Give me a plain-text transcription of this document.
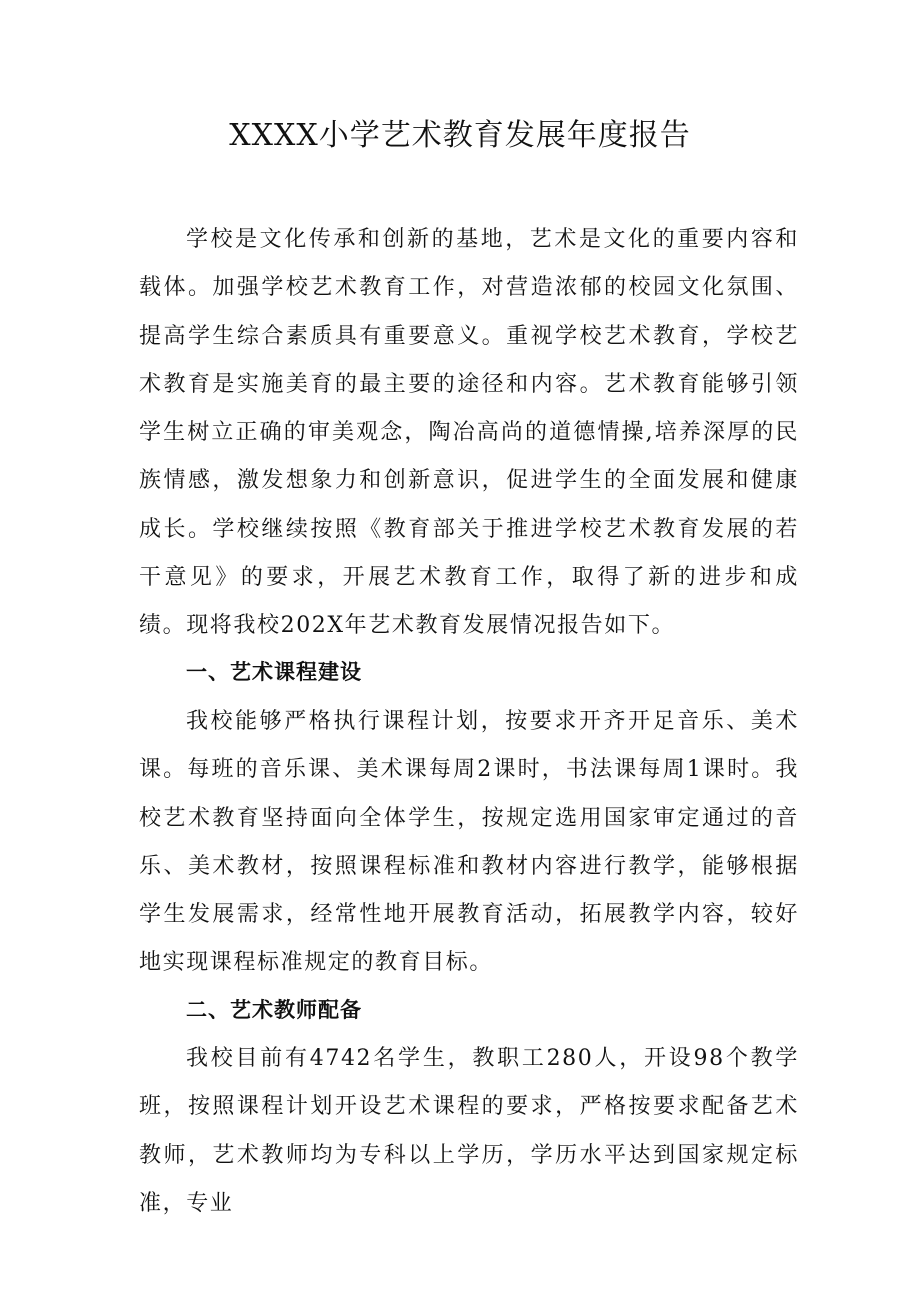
XXXX小学艺术教育发展年度报告

学校是文化传承和创新的基地，艺术是文化的重要内容和载体。加强学校艺术教育工作，对营造浓郁的校园文化氛围、提高学生综合素质具有重要意义。重视学校艺术教育，学校艺术教育是实施美育的最主要的途径和内容。艺术教育能够引领学生树立正确的审美观念，陶冶高尚的道德情操,培养深厚的民族情感，激发想象力和创新意识，促进学生的全面发展和健康成长。学校继续按照《教育部关于推进学校艺术教育发展的若干意见》的要求，开展艺术教育工作，取得了新的进步和成绩。现将我校202X年艺术教育发展情况报告如下。

一、艺术课程建设

我校能够严格执行课程计划，按要求开齐开足音乐、美术课。每班的音乐课、美术课每周2课时，书法课每周1课时。我校艺术教育坚持面向全体学生，按规定选用国家审定通过的音乐、美术教材，按照课程标准和教材内容进行教学，能够根据学生发展需求，经常性地开展教育活动，拓展教学内容，较好地实现课程标准规定的教育目标。

二、艺术教师配备

我校目前有4742名学生，教职工280人，开设98个教学班，按照课程计划开设艺术课程的要求，严格按要求配备艺术教师，艺术教师均为专科以上学历，学历水平达到国家规定标准，专业
